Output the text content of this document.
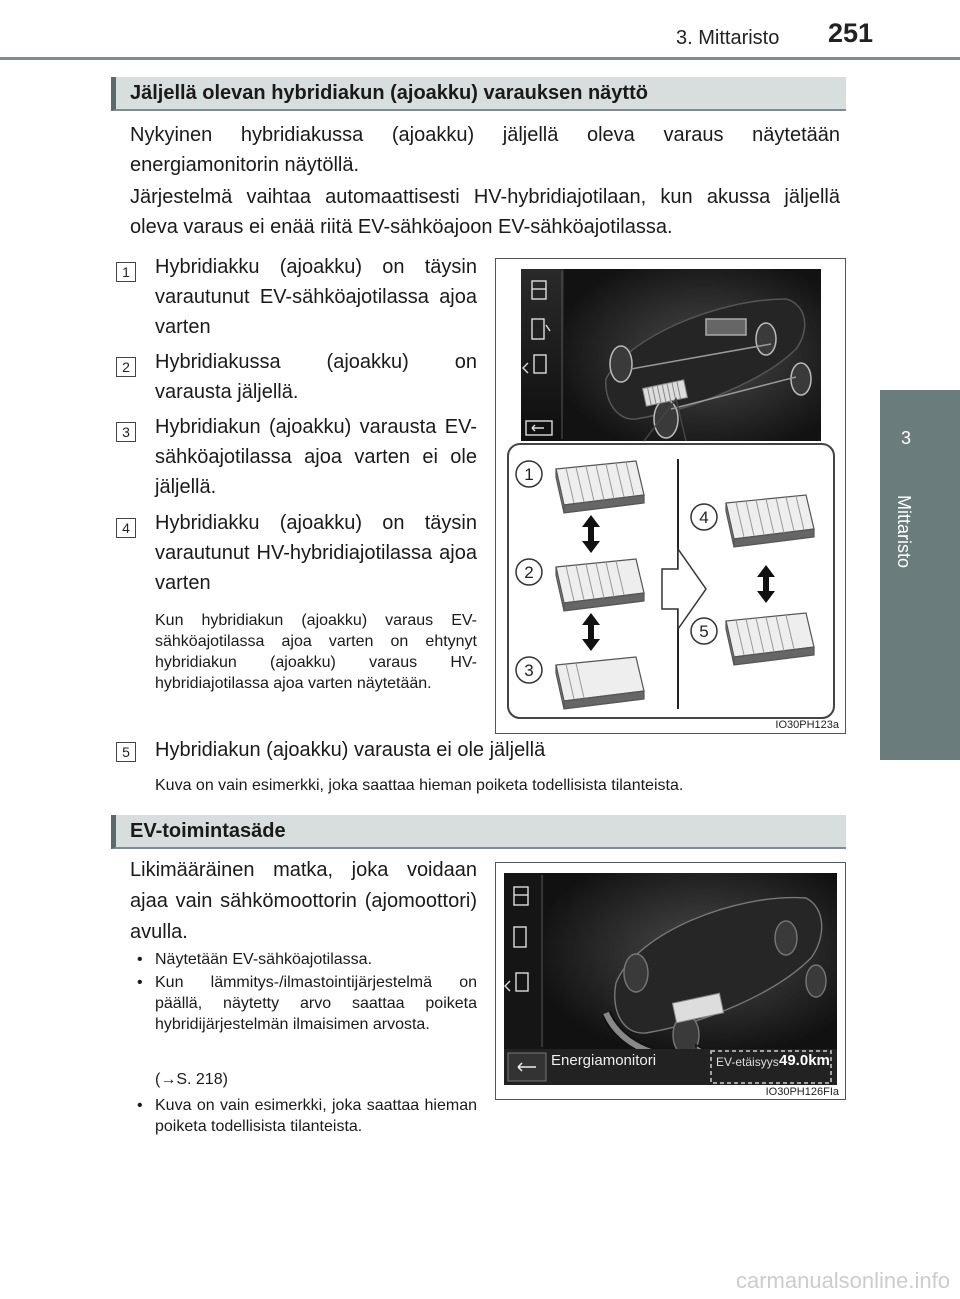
3. Mittaristo 251
3
Mittaristo
Jäljellä olevan hybridiakun (ajoakku) varauksen näyttö
Nykyinen hybridiakussa (ajoakku) jäljellä oleva varaus näytetään energiamonitorin näytöllä.
Järjestelmä vaihtaa automaattisesti HV-hybridiajotilaan, kun akussa jäljellä oleva varaus ei enää riitä EV-sähköajoon EV-sähköajotilassa.
1	Hybridiakku (ajoakku) on täysin varautunut EV-sähköajotilassa ajoa varten
2	Hybridiakussa (ajoakku) on varausta jäljellä.
3	Hybridiakun (ajoakku) varausta EV-sähköajotilassa ajoa varten ei ole jäljellä.
4	Hybridiakku (ajoakku) on täysin varautunut HV-hybridiajotilassa ajoa varten
Kun hybridiakun (ajoakku) varaus EV-sähköajotilassa ajoa varten on ehtynyt hybridiakun (ajoakku) varaus HV-hybridiajotilassa ajoa varten näytetään.
5	Hybridiakun (ajoakku) varausta ei ole jäljellä
Kuva on vain esimerkki, joka saattaa hieman poiketa todellisista tilanteista.
1
2
3
4
5
IO30PH123a
EV-toimintasäde
Likimääräinen matka, joka voidaan ajaa vain sähkömoottorin (ajomoottori) avulla.
• Näytetään EV-sähköajotilassa.
• Kun lämmitys-/ilmastointijärjestelmä on päällä, näytetty arvo saattaa poiketa hybridijärjestelmän ilmaisimen arvosta.
(→S. 218)
• Kuva on vain esimerkki, joka saattaa hieman poiketa todellisista tilanteista.
Energiamonitori	EV-etäisyys 49.0km
IO30PH126FIa
carmanualsonline.info
